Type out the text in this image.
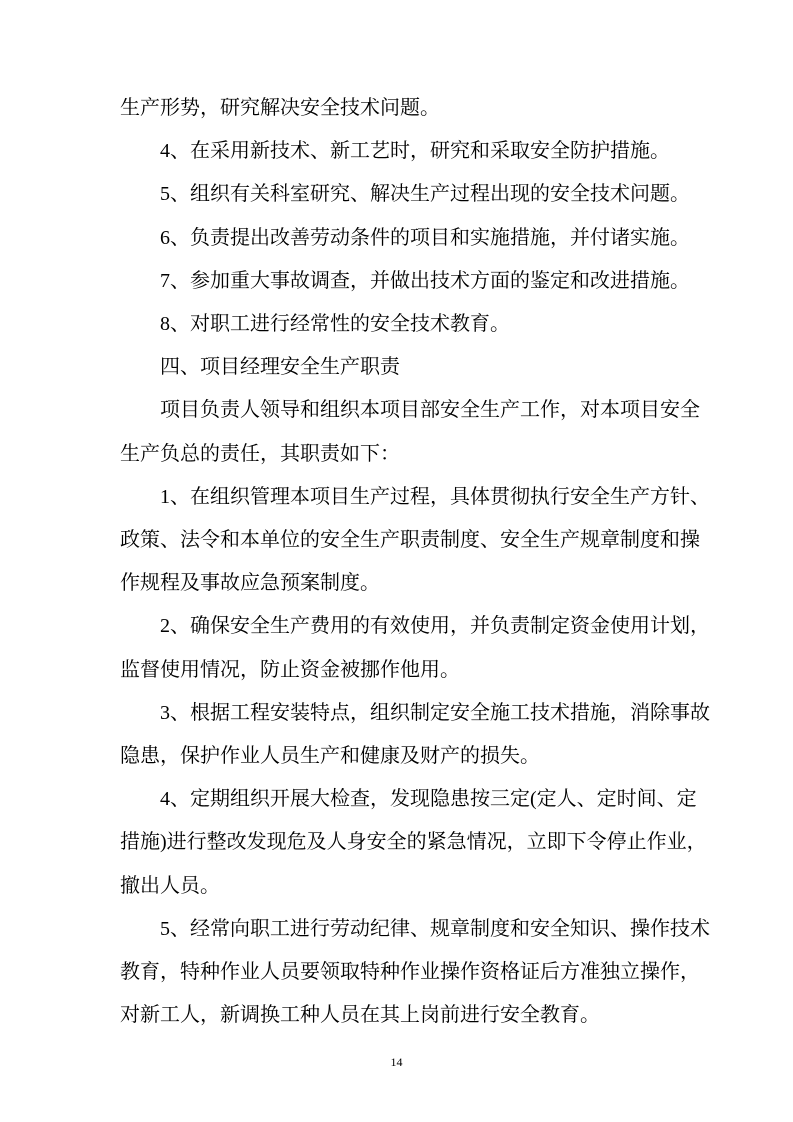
生产形势，研究解决安全技术问题。
4、在采用新技术、新工艺时，研究和采取安全防护措施。
5、组织有关科室研究、解决生产过程出现的安全技术问题。
6、负责提出改善劳动条件的项目和实施措施，并付诸实施。
7、参加重大事故调查，并做出技术方面的鉴定和改进措施。
8、对职工进行经常性的安全技术教育。
四、项目经理安全生产职责
项目负责人领导和组织本项目部安全生产工作，对本项目安全
生产负总的责任，其职责如下：
1、在组织管理本项目生产过程，具体贯彻执行安全生产方针、
政策、法令和本单位的安全生产职责制度、安全生产规章制度和操
作规程及事故应急预案制度。
2、确保安全生产费用的有效使用，并负责制定资金使用计划，
监督使用情况，防止资金被挪作他用。
3、根据工程安装特点，组织制定安全施工技术措施，消除事故
隐患，保护作业人员生产和健康及财产的损失。
4、定期组织开展大检查，发现隐患按三定(定人、定时间、定
措施)进行整改发现危及人身安全的紧急情况，立即下令停止作业，
撤出人员。
5、经常向职工进行劳动纪律、规章制度和安全知识、操作技术
教育，特种作业人员要领取特种作业操作资格证后方准独立操作，
对新工人，新调换工种人员在其上岗前进行安全教育。
14
